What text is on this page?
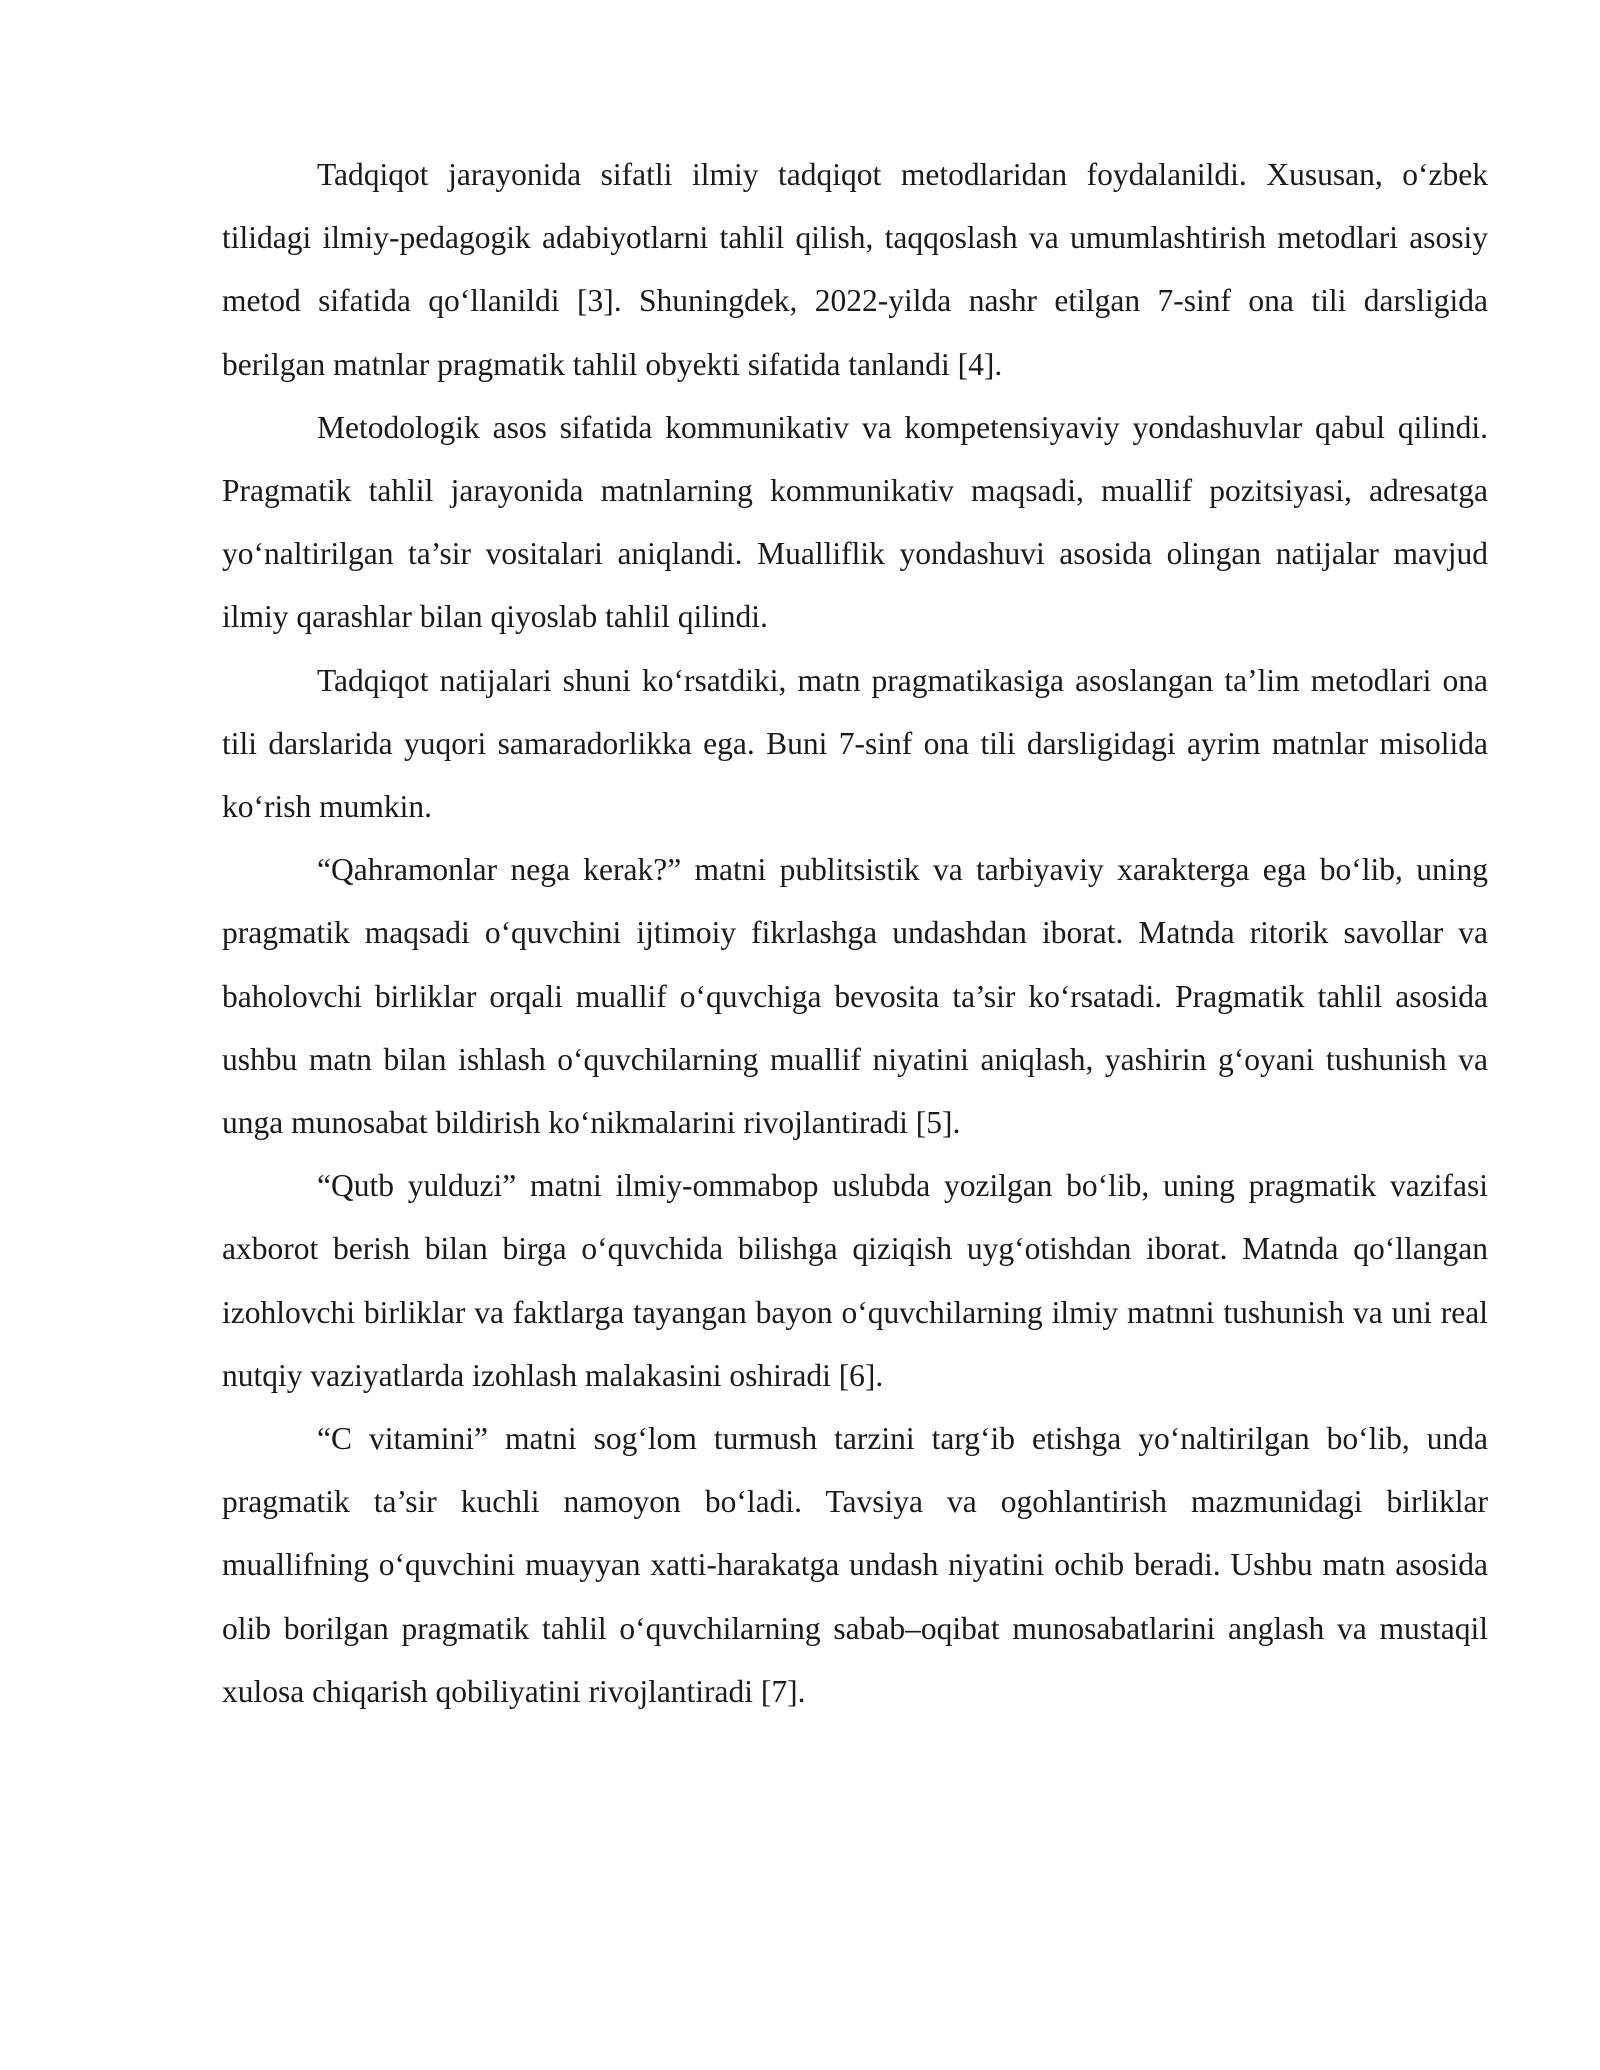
Tadqiqot jarayonida sifatli ilmiy tadqiqot metodlaridan foydalanildi. Xususan, o‘zbek tilidagi ilmiy-pedagogik adabiyotlarni tahlil qilish, taqqoslash va umumlashtirish metodlari asosiy metod sifatida qo‘llanildi [3]. Shuningdek, 2022-yilda nashr etilgan 7-sinf ona tili darsligida berilgan matnlar pragmatik tahlil obyekti sifatida tanlandi [4].

Metodologik asos sifatida kommunikativ va kompetensiyaviy yondashuvlar qabul qilindi. Pragmatik tahlil jarayonida matnlarning kommunikativ maqsadi, muallif pozitsiyasi, adresatga yo‘naltirilgan ta’sir vositalari aniqlandi. Mualliflik yondashuvi asosida olingan natijalar mavjud ilmiy qarashlar bilan qiyoslab tahlil qilindi.

Tadqiqot natijalari shuni ko‘rsatdiki, matn pragmatikasiga asoslangan ta’lim metodlari ona tili darslarida yuqori samaradorlikka ega. Buni 7-sinf ona tili darsligidagi ayrim matnlar misolida ko‘rish mumkin.

“Qahramonlar nega kerak?” matni publitsistik va tarbiyaviy xarakterga ega bo‘lib, uning pragmatik maqsadi o‘quvchini ijtimoiy fikrlashga undashdan iborat. Matnda ritorik savollar va baholovchi birliklar orqali muallif o‘quvchiga bevosita ta’sir ko‘rsatadi. Pragmatik tahlil asosida ushbu matn bilan ishlash o‘quvchilarning muallif niyatini aniqlash, yashirin g‘oyani tushunish va unga munosabat bildirish ko‘nikmalarini rivojlantiradi [5].

“Qutb yulduzi” matni ilmiy-ommabop uslubda yozilgan bo‘lib, uning pragmatik vazifasi axborot berish bilan birga o‘quvchida bilishga qiziqish uyg‘otishdan iborat. Matnda qo‘llangan izohlovchi birliklar va faktlarga tayangan bayon o‘quvchilarning ilmiy matnni tushunish va uni real nutqiy vaziyatlarda izohlash malakasini oshiradi [6].

“C vitamini” matni sog‘lom turmush tarzini targ‘ib etishga yo‘naltirilgan bo‘lib, unda pragmatik ta’sir kuchli namoyon bo‘ladi. Tavsiya va ogohlantirish mazmunidagi birliklar muallifning o‘quvchini muayyan xatti-harakatga undash niyatini ochib beradi. Ushbu matn asosida olib borilgan pragmatik tahlil o‘quvchilarning sabab–oqibat munosabatlarini anglash va mustaqil xulosa chiqarish qobiliyatini rivojlantiradi [7].
